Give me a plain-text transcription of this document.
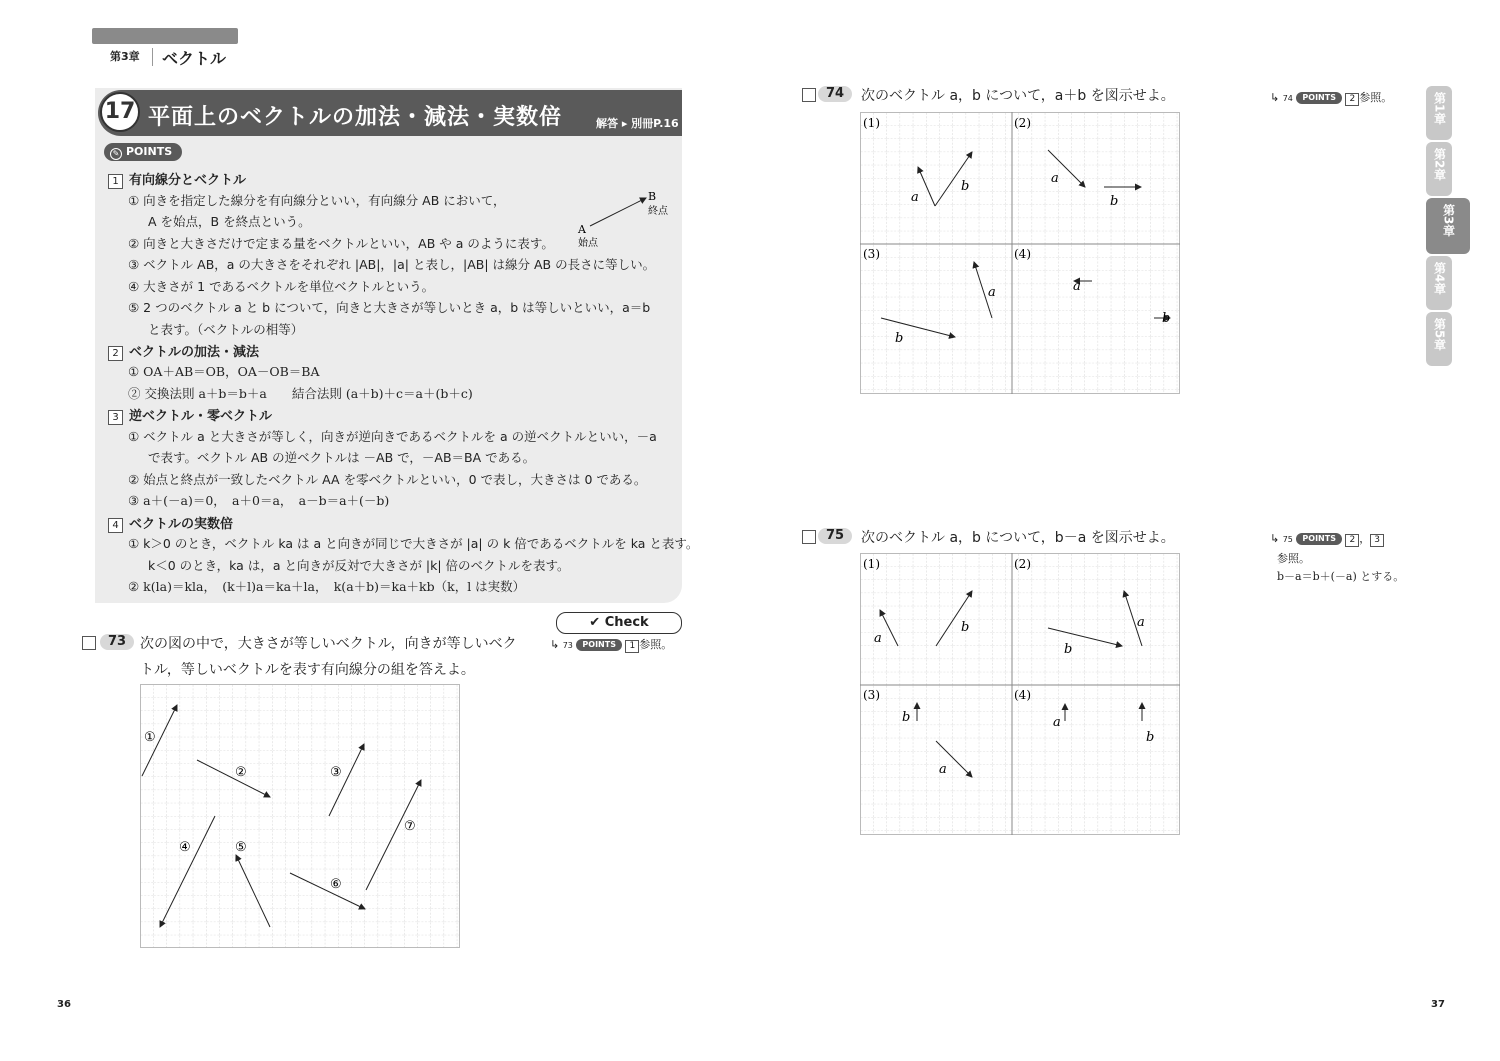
第3章 ベクトル
17 平面上のベクトルの加法・減法・実数倍	解答 ▸ 別冊P.16
✎ POINTS
1 有向線分とベクトル
① 向きを指定した線分を有向線分といい，有向線分 AB において，
A を始点，B を終点という。
② 向きと大きさだけで定まる量をベクトルといい，AB や a のように表す。
③ ベクトル AB，a の大きさをそれぞれ |AB|，|a| と表し，|AB| は線分 AB の長さに等しい。
④ 大きさが 1 であるベクトルを単位ベクトルという。
⑤ 2 つのベクトル a と b について，向きと大きさが等しいとき a，b は等しいといい，a＝b
と表す。（ベクトルの相等）
B
終点
A
始点
2 ベクトルの加法・減法
① OA＋AB＝OB，OA－OB＝BA
② 交換法則 a＋b＝b＋a　　結合法則 (a＋b)＋c＝a＋(b＋c)
3 逆ベクトル・零ベクトル
① ベクトル a と大きさが等しく，向きが逆向きであるベクトルを a の逆ベクトルといい，－a
で表す。ベクトル AB の逆ベクトルは －AB で，－AB＝BA である。
② 始点と終点が一致したベクトル AA を零ベクトルといい，0 で表し，大きさは 0 である。
③ a＋(－a)＝0，　a＋0＝a，　a－b＝a＋(－b)
4 ベクトルの実数倍
① k＞0 のとき，ベクトル ka は a と向きが同じで大きさが |a| の k 倍であるベクトルを ka と表す。
k＜0 のとき，ka は，a と向きが反対で大きさが |k| 倍のベクトルを表す。
② k(la)＝kla，　(k＋l)a＝ka＋la，　k(a＋b)＝ka＋kb（k，l は実数）
✔ Check
73 次の図の中で，大きさが等しいベクトル，向きが等しいベク
トル，等しいベクトルを表す有向線分の組を答えよ。
↳ 73 POINTS 1 参照。
①
②	③
④	⑤
⑥
⑦
36
74	次のベクトル a，b について，a＋b を図示せよ。	↳ 74 POINTS 2 参照。
(1)	(2)
(3)	(4)
a
b
a
b
a
b
a
b
75	次のベクトル a，b について，b－a を図示せよ。	↳ 75 POINTS 2 ， 3
参照。
b－a＝b＋(－a) とする。
(1)	(2)
(3)	(4)
a
b	a
b
a
b	a
b
第1章
第2章
第3章
第4章
第5章
37
